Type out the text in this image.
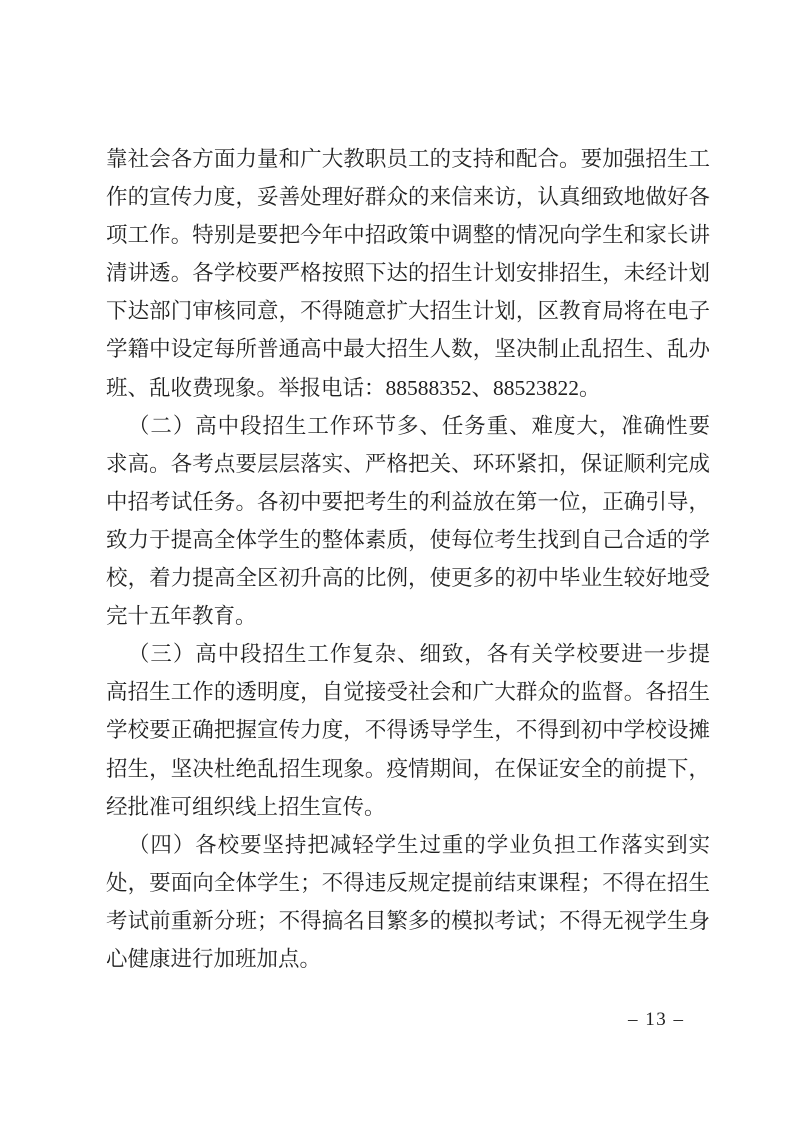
靠社会各方面力量和广大教职员工的支持和配合。要加强招生工
作的宣传力度，妥善处理好群众的来信来访，认真细致地做好各
项工作。特别是要把今年中招政策中调整的情况向学生和家长讲
清讲透。各学校要严格按照下达的招生计划安排招生，未经计划
下达部门审核同意，不得随意扩大招生计划，区教育局将在电子
学籍中设定每所普通高中最大招生人数，坚决制止乱招生、乱办
班、乱收费现象。举报电话：88588352、88523822。
（二）高中段招生工作环节多、任务重、难度大，准确性要
求高。各考点要层层落实、严格把关、环环紧扣，保证顺利完成
中招考试任务。各初中要把考生的利益放在第一位，正确引导，
致力于提高全体学生的整体素质，使每位考生找到自己合适的学
校，着力提高全区初升高的比例，使更多的初中毕业生较好地受
完十五年教育。
（三）高中段招生工作复杂、细致，各有关学校要进一步提
高招生工作的透明度，自觉接受社会和广大群众的监督。各招生
学校要正确把握宣传力度，不得诱导学生，不得到初中学校设摊
招生，坚决杜绝乱招生现象。疫情期间，在保证安全的前提下，
经批准可组织线上招生宣传。
（四）各校要坚持把减轻学生过重的学业负担工作落实到实
处，要面向全体学生；不得违反规定提前结束课程；不得在招生
考试前重新分班；不得搞名目繁多的模拟考试；不得无视学生身
心健康进行加班加点。
– 13 –
